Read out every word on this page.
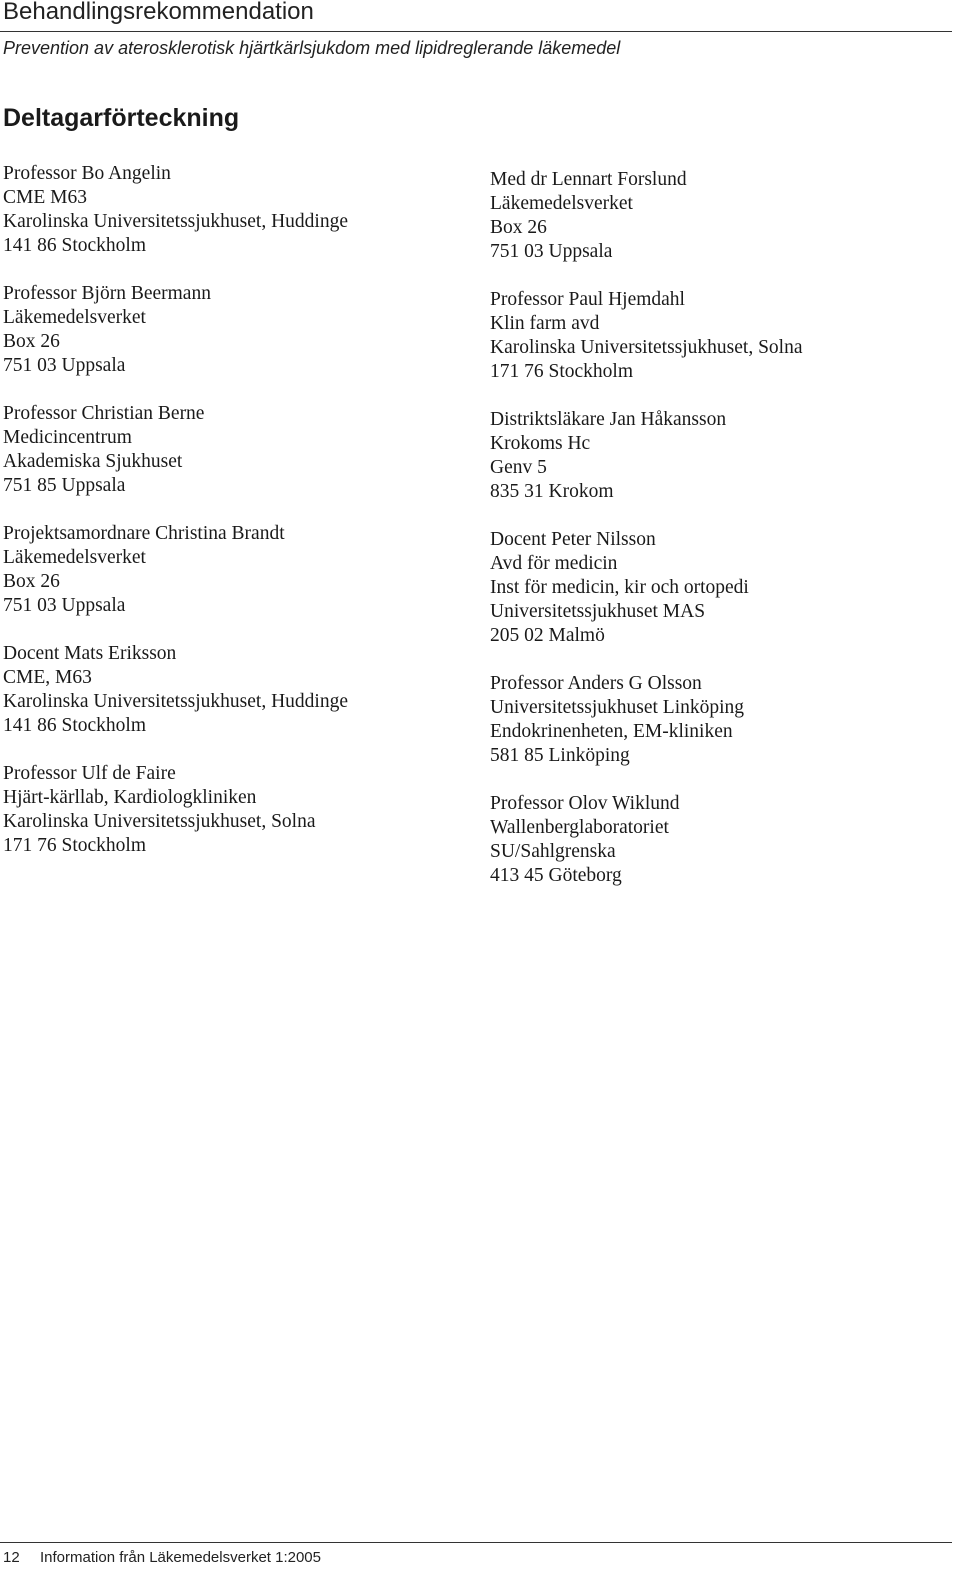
Behandlingsrekommendation
Prevention av aterosklerotisk hjärtkärlsjukdom med lipidreglerande läkemedel
Deltagarförteckning
Professor Bo Angelin
CME M63
Karolinska Universitetssjukhuset, Huddinge
141 86 Stockholm
Professor Björn Beermann
Läkemedelsverket
Box 26
751 03 Uppsala
Professor Christian Berne
Medicincentrum
Akademiska Sjukhuset
751 85 Uppsala
Projektsamordnare Christina Brandt
Läkemedelsverket
Box 26
751 03 Uppsala
Docent Mats Eriksson
CME, M63
Karolinska Universitetssjukhuset, Huddinge
141 86 Stockholm
Professor Ulf de Faire
Hjärt-kärllab, Kardiologkliniken
Karolinska Universitetssjukhuset, Solna
171 76 Stockholm
Med dr Lennart Forslund
Läkemedelsverket
Box 26
751 03 Uppsala
Professor Paul Hjemdahl
Klin farm avd
Karolinska Universitetssjukhuset, Solna
171 76 Stockholm
Distriktsläkare Jan Håkansson
Krokoms Hc
Genv 5
835 31 Krokom
Docent Peter Nilsson
Avd för medicin
Inst för medicin, kir och ortopedi
Universitetssjukhuset MAS
205 02 Malmö
Professor Anders G Olsson
Universitetssjukhuset Linköping
Endokrinenheten, EM-kliniken
581 85 Linköping
Professor Olov Wiklund
Wallenberglaboratoriet
SU/Sahlgrenska
413 45 Göteborg
12 Information från Läkemedelsverket 1:2005
